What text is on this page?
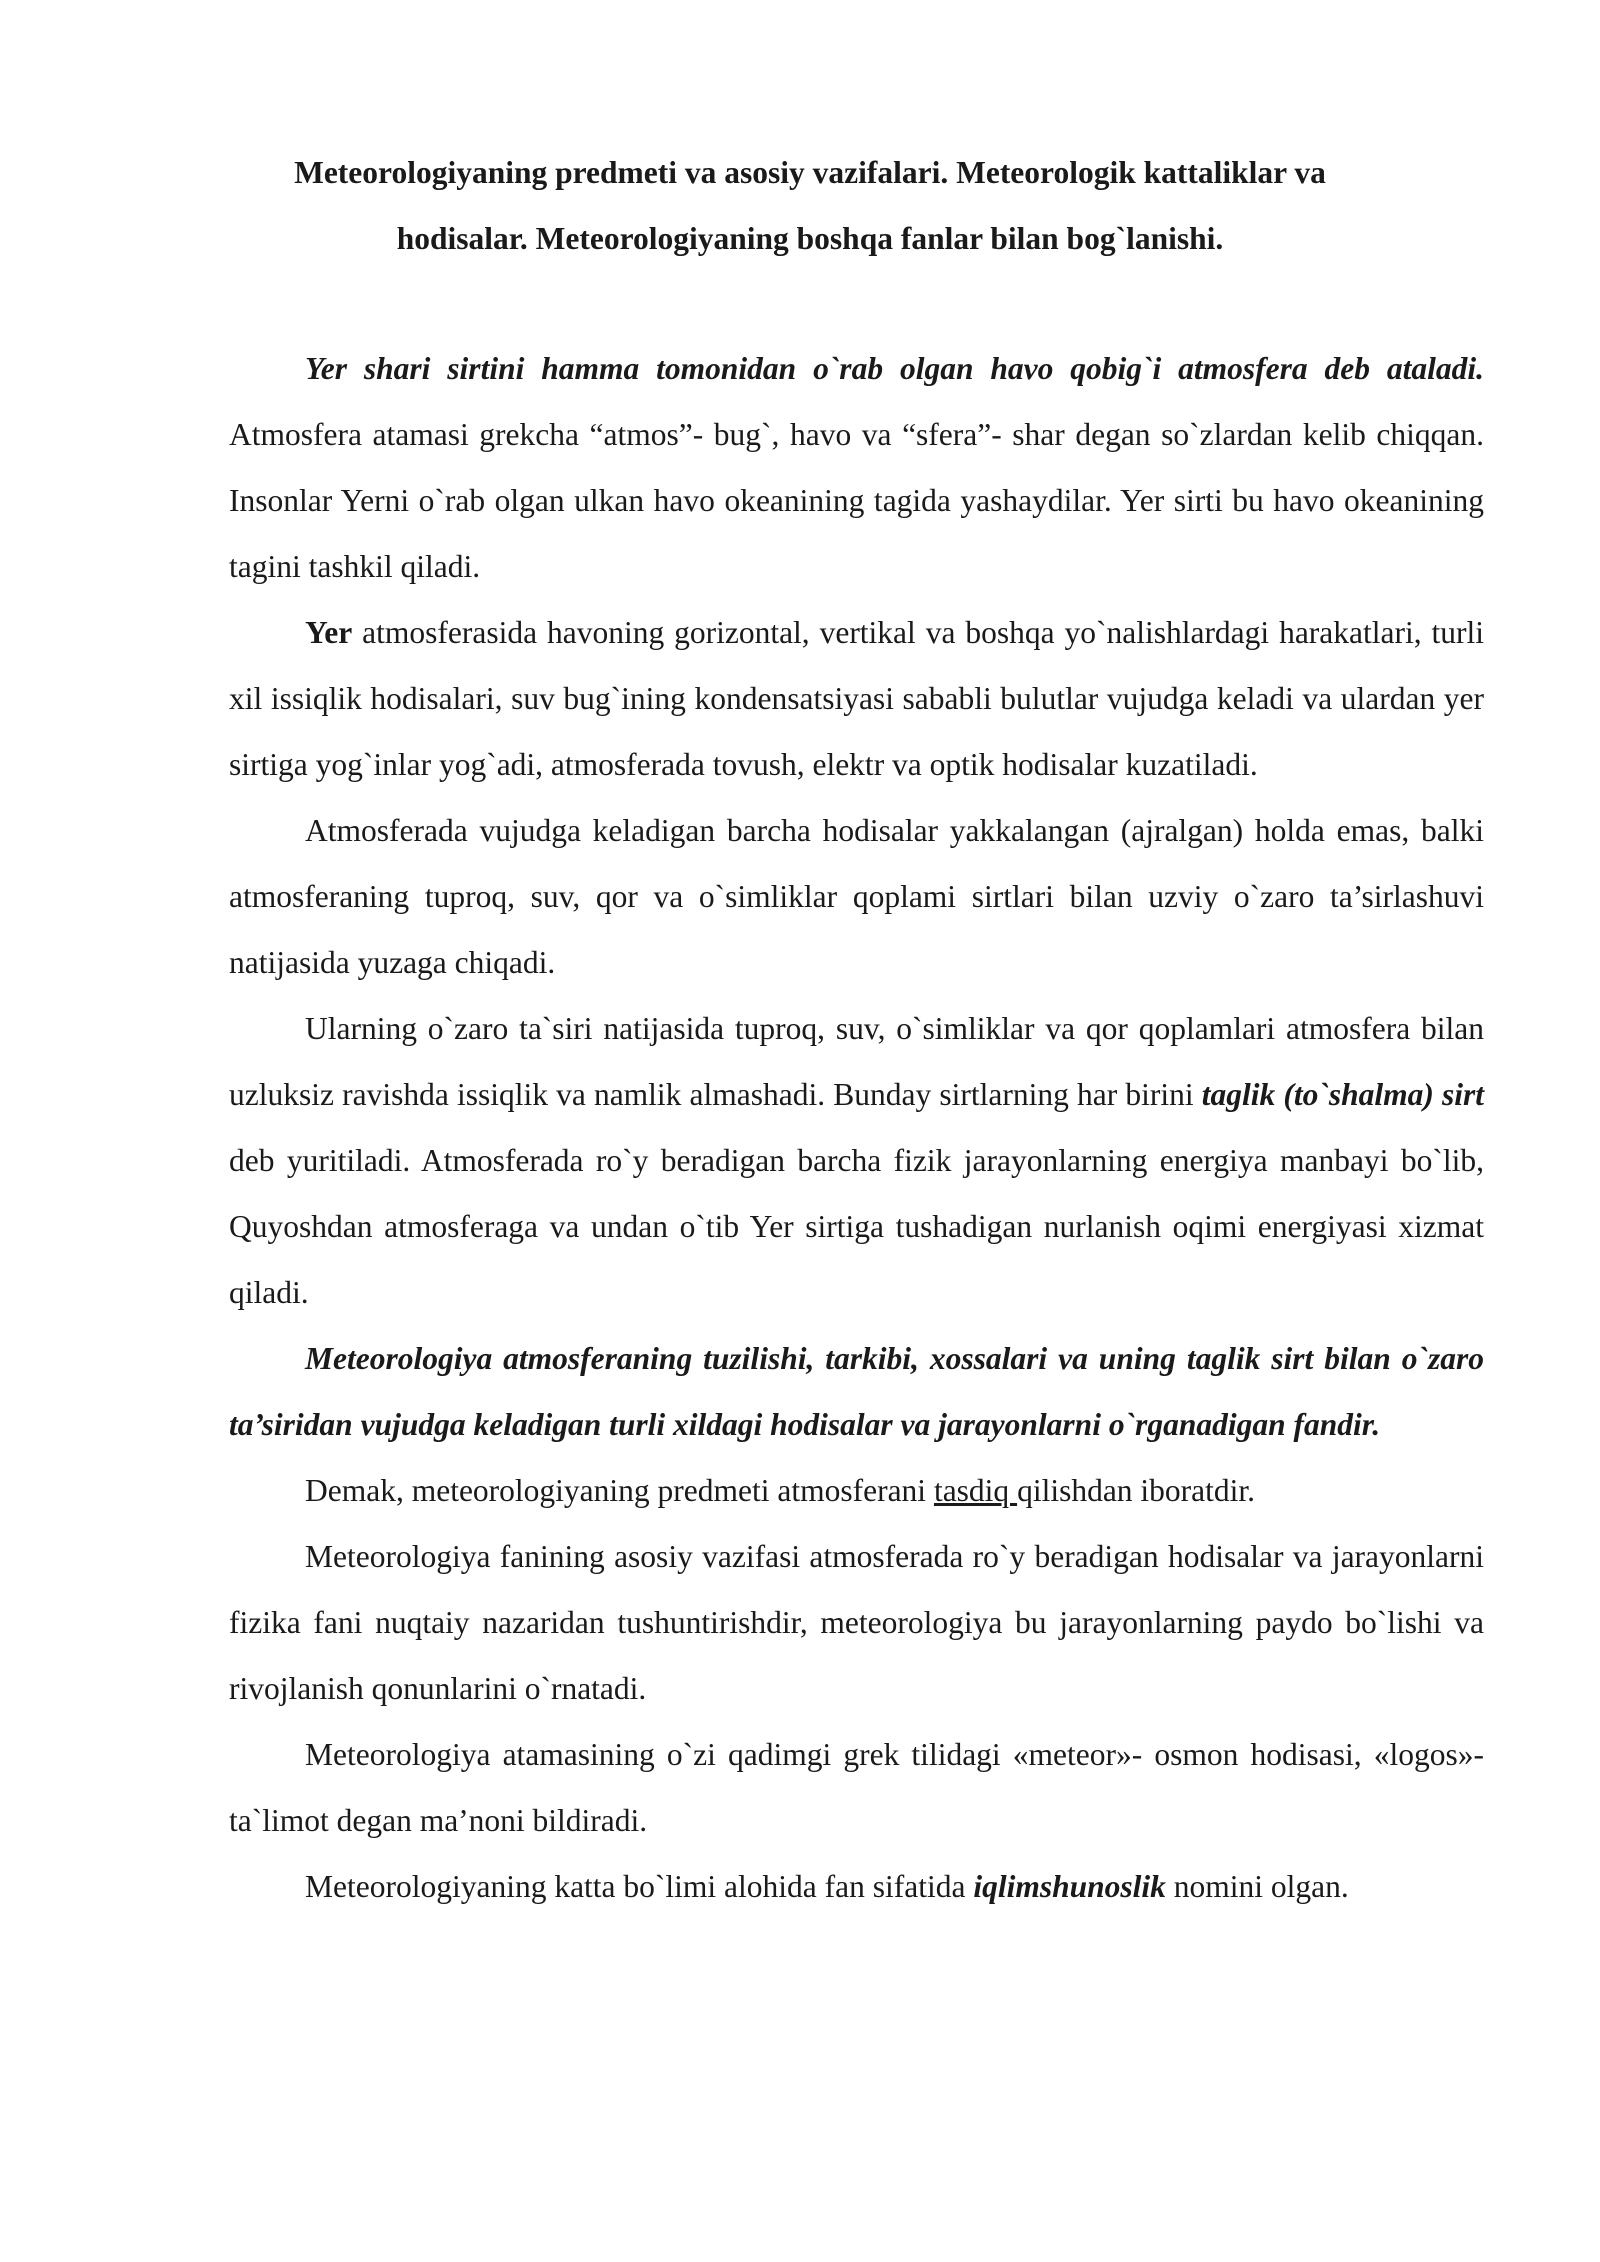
Meteorologiyaning predmeti va asosiy vazifalari. Meteorologik kattaliklar va hodisalar. Meteorologiyaning boshqa fanlar bilan bog`lanishi.

Yer shari sirtini hamma tomonidan o`rab olgan havo qobig`i atmosfera deb ataladi. Atmosfera atamasi grekcha “atmos”- bug`, havo va “sfera”- shar degan so`zlardan kelib chiqqan. Insonlar Yerni o`rab olgan ulkan havo okeanining tagida yashaydilar. Yer sirti bu havo okeanining tagini tashkil qiladi.

Yer atmosferasida havoning gorizontal, vertikal va boshqa yo`nalishlardagi harakatlari, turli xil issiqlik hodisalari, suv bug`ining kondensatsiyasi sababli bulutlar vujudga keladi va ulardan yer sirtiga yog`inlar yog`adi, atmosferada tovush, elektr va optik hodisalar kuzatiladi.

Atmosferada vujudga keladigan barcha hodisalar yakkalangan (ajralgan) holda emas, balki atmosferaning tuproq, suv, qor va o`simliklar qoplami sirtlari bilan uzviy o`zaro ta’sirlashuvi natijasida yuzaga chiqadi.

Ularning o`zaro ta`siri natijasida tuproq, suv, o`simliklar va qor qoplamlari atmosfera bilan uzluksiz ravishda issiqlik va namlik almashadi. Bunday sirtlarning har birini taglik (to`shalma) sirt deb yuritiladi. Atmosferada ro`y beradigan barcha fizik jarayonlarning energiya manbayi bo`lib, Quyoshdan atmosferaga va undan o`tib Yer sirtiga tushadigan nurlanish oqimi energiyasi xizmat qiladi.

Meteorologiya atmosferaning tuzilishi, tarkibi, xossalari va uning taglik sirt bilan o`zaro ta’siridan vujudga keladigan turli xildagi hodisalar va jarayonlarni o`rganadigan fandir.

Demak, meteorologiyaning predmeti atmosferani tasdiq qilishdan iboratdir.

Meteorologiya fanining asosiy vazifasi atmosferada ro`y beradigan hodisalar va jarayonlarni fizika fani nuqtaiy nazaridan tushuntirishdir, meteorologiya bu jarayonlarning paydo bo`lishi va rivojlanish qonunlarini o`rnatadi.

Meteorologiya atamasining o`zi qadimgi grek tilidagi «meteor»- osmon hodisasi, «logos»-ta`limot degan ma’noni bildiradi.

Meteorologiyaning katta bo`limi alohida fan sifatida iqlimshunoslik nomini olgan.
